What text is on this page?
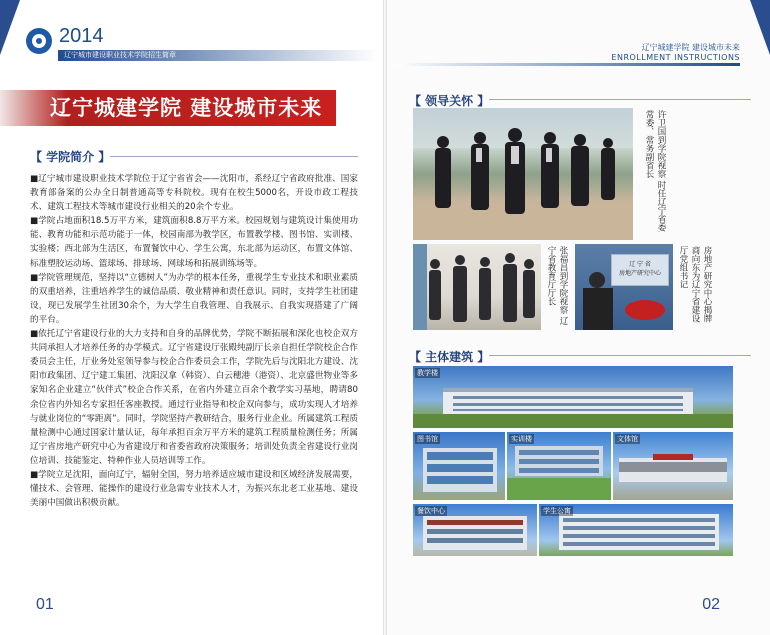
2014
辽宁城市建设职业技术学院招生简章
辽宁城建学院 建设城市未来
【 学院简介 】

■辽宁城市建设职业技术学院位于辽宁省省会——沈阳市，系经辽宁省政府批准、国家教育部备案的公办全日制普通高等专科院校。现有在校生5000名，开设市政工程技术、建筑工程技术等城市建设行业相关的20余个专业。

■学院占地面积18.5万平方米，建筑面积8.8万平方米。校园规划与建筑设计集使用功能、教育功能和示范功能于一体，校园南部为教学区，布置教学楼、图书馆、实训楼、实验楼；西北部为生活区，布置餐饮中心、学生公寓，东北部为运动区，布置文体馆、标准塑胶运动场、篮球场、排球场、网球场和拓展训练场等。

■学院管理规范，坚持以“立德树人”为办学的根本任务，重视学生专业技术和职业素质的双重培养，注重培养学生的诚信品质、敬业精神和责任意识。同时，支持学生社团建设，现已发展学生社团30余个，为大学生自我管理、自我展示、自我实现搭建了广阔的平台。

■依托辽宁省建设行业的大力支持和自身的品牌优势，学院不断拓展和深化也校企双方共同承担人才培养任务的办学模式。辽宁省建设厅张殿纯副厅长亲自担任学院校企合作委员会主任，厅业务处室领导参与校企合作委员会工作，学院先后与沈阳北方建设、沈阳市政集团、辽宁建工集团、沈阳汉拿（韩资）、白云穗港（港资）、北京盛世物业等多家知名企业建立“伙伴式”校企合作关系，在省内外建立百余个教学实习基地，聘请80余位省内外知名专家担任客座教授。通过行业指导和校企双向参与，成功实现人才培养与就业岗位的“零距离”。同时，学院坚持产教研结合，服务行业企业。所属建筑工程质量检测中心通过国家计量认证，每年承担百余万平方米的建筑工程质量检测任务；所属辽宁省房地产研究中心为省建设厅和省委省政府决策服务；培训处负责全省建设行业岗位培训、技能鉴定、特种作业人员培训等工作。

■学院立足沈阳，面向辽宁，辐射全国，努力培养适应城市建设和区域经济发展需要，懂技术、会管理、能操作的建设行业急需专业技术人才，为振兴东北老工业基地、建设美丽中国做出积极贡献。

01
辽宁城建学院 建设城市未来
ENROLLMENT INSTRUCTIONS
【 领导关怀 】
许卫国到学院视察 时任辽宁省委常委、常务副省长
张福昌到学院视察 辽宁省教育厅厅长	辽 宁 省
房地产研究中心	房地产研究中心揭牌 商向东为辽宁省建设厅党组书记
【 主体建筑 】
教学楼
图书馆	实训楼	文体馆
餐饮中心	学生公寓
02
